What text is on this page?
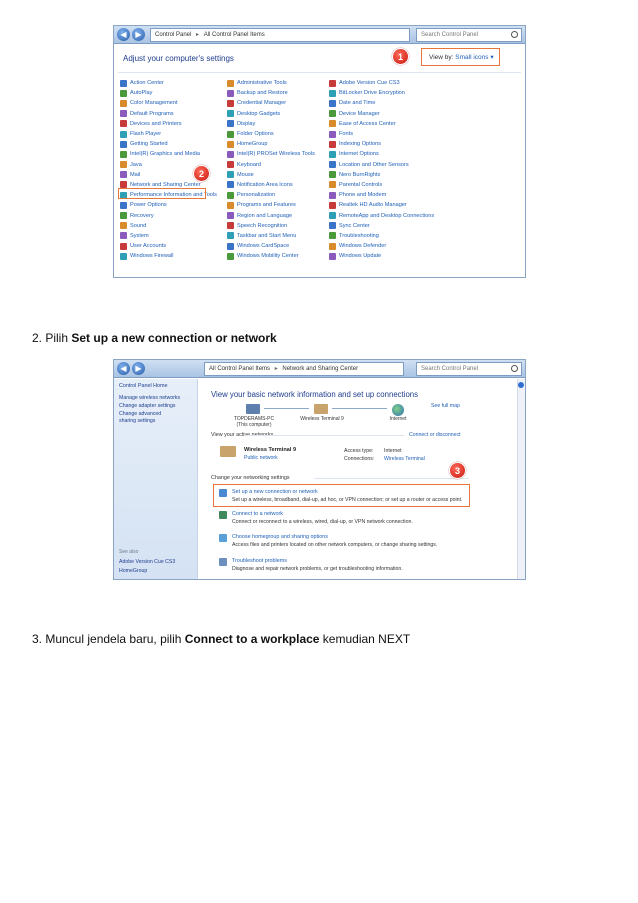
◀	▶	Control Panel ▸ All Control Panel Items	Search Control Panel
Adjust your computer's settings	View by: Small icons ▾
Action Center
AutoPlay
Color Management
Default Programs
Devices and Printers
Flash Player
Getting Started
Intel(R) Graphics and Media
Java
Mail
Network and Sharing Center
Performance Information and Tools
Power Options
Recovery
Sound
System
User Accounts
Windows Firewall
Administrative Tools
Backup and Restore
Credential Manager
Desktop Gadgets
Display
Folder Options
HomeGroup
Intel(R) PROSet Wireless Tools
Keyboard
Mouse
Notification Area Icons
Personalization
Programs and Features
Region and Language
Speech Recognition
Taskbar and Start Menu
Windows CardSpace
Windows Mobility Center
Adobe Version Cue CS3
BitLocker Drive Encryption
Date and Time
Device Manager
Ease of Access Center
Fonts
Indexing Options
Internet Options
Location and Other Sensors
Nero BurnRights
Parental Controls
Phone and Modem
Realtek HD Audio Manager
RemoteApp and Desktop Connections
Sync Center
Troubleshooting
Windows Defender
Windows Update
1
2
2. Pilih Set up a new connection or network
◀	▶	All Control Panel Items ▸ Network and Sharing Center	Search Control Panel
Control Panel Home
Manage wireless networks
Change adapter settings
Change advanced sharing settings
See also
Adobe Version Cue CS3
HomeGroup
View your basic network information and set up connections
See full map
TOPDERAMS-PC
(This computer)
Wireless Terminal 9	Internet
View your active networks	Connect or disconnect
Wireless Terminal 9
Public network
Access type: Internet
Connections: Wireless Terminal
Change your networking settings
Set up a new connection or network
Set up a wireless, broadband, dial-up, ad hoc, or VPN connection; or set up a router or access point.
Connect to a network
Connect or reconnect to a wireless, wired, dial-up, or VPN network connection.
Choose homegroup and sharing options
Access files and printers located on other network computers, or change sharing settings.
Troubleshoot problems
Diagnose and repair network problems, or get troubleshooting information.
3
3. Muncul jendela baru, pilih Connect to a workplace kemudian NEXT
